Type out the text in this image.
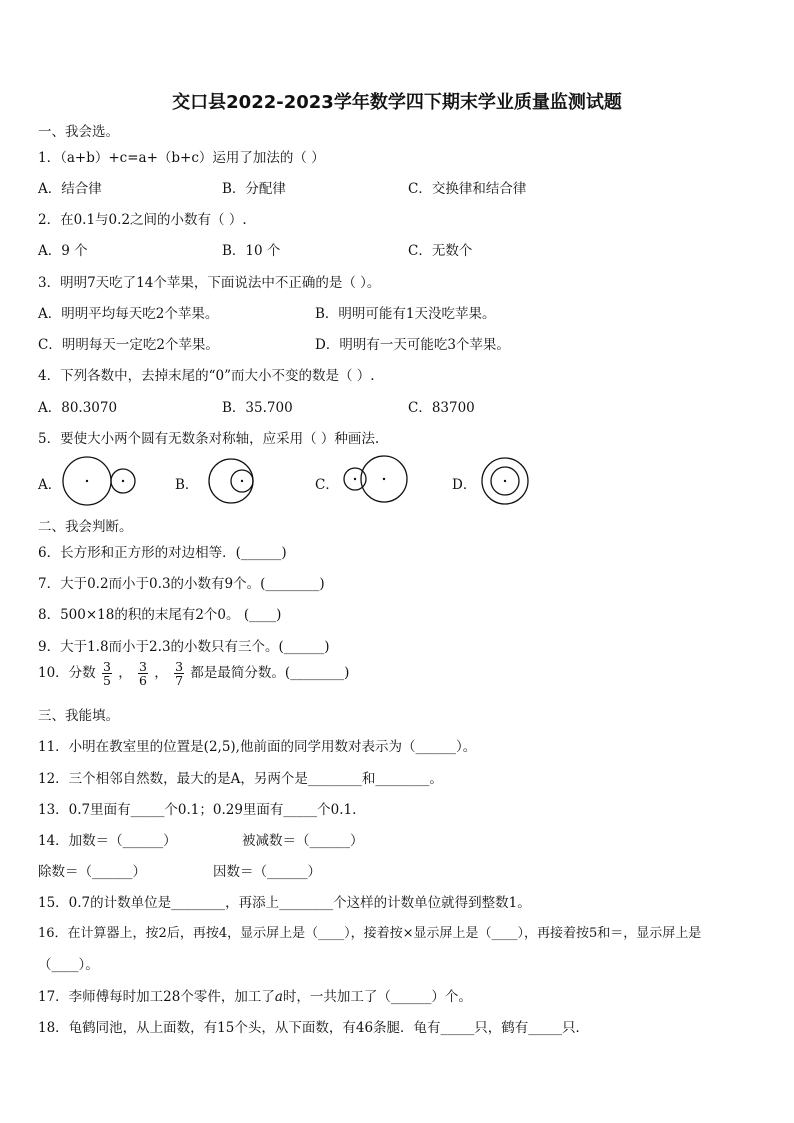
交口县2022-2023学年数学四下期末学业质量监测试题
一、我会选。
1．（a+b）+c=a+（b+c）运用了加法的（ ）
A．结合律	B．分配律	C．交换律和结合律
2．在0.1与0.2之间的小数有（ ）.
A．9 个	B．10 个	C．无数个
3．明明7天吃了14个苹果，下面说法中不正确的是（ ）。
A．明明平均每天吃2个苹果。	B．明明可能有1天没吃苹果。
C．明明每天一定吃2个苹果。	D．明明有一天可能吃3个苹果。
4．下列各数中，去掉末尾的“0”而大小不变的数是（ ）.
A．80.3070	B．35.700	C．83700
5．要使大小两个圆有无数条对称轴，应采用（ ）种画法.
A．	B．	C．	D．
二、我会判断。
6．长方形和正方形的对边相等．(______)
7．大于0.2而小于0.3的小数有9个。(________)
8．500×18的积的末尾有2个0。 (____)
9．大于1.8而小于2.3的小数只有三个。(______)
10．分数 $\frac{3}{5}$ ， $\frac{3}{6}$ ， $\frac{3}{7}$ 都是最简分数。(________)
三、我能填。
11．小明在教室里的位置是(2,5),他前面的同学用数对表示为（______）。
12．三个相邻自然数，最大的是A，另两个是________和________。
13．0.7里面有_____个0.1；0.29里面有_____个0.1.
14．加数＝（______）	被减数＝（______）
除数＝（______）	因数＝（______）
15．0.7的计数单位是________，再添上________个这样的计数单位就得到整数1。
16．在计算器上，按2后，再按4，显示屏上是（____），接着按×显示屏上是（____），再接着按5和＝，显示屏上是
（____）。
17．李师傅每时加工28个零件，加工了a时，一共加工了（______）个。
18．龟鹤同池，从上面数，有15个头，从下面数，有46条腿．龟有_____只，鹤有_____只．
